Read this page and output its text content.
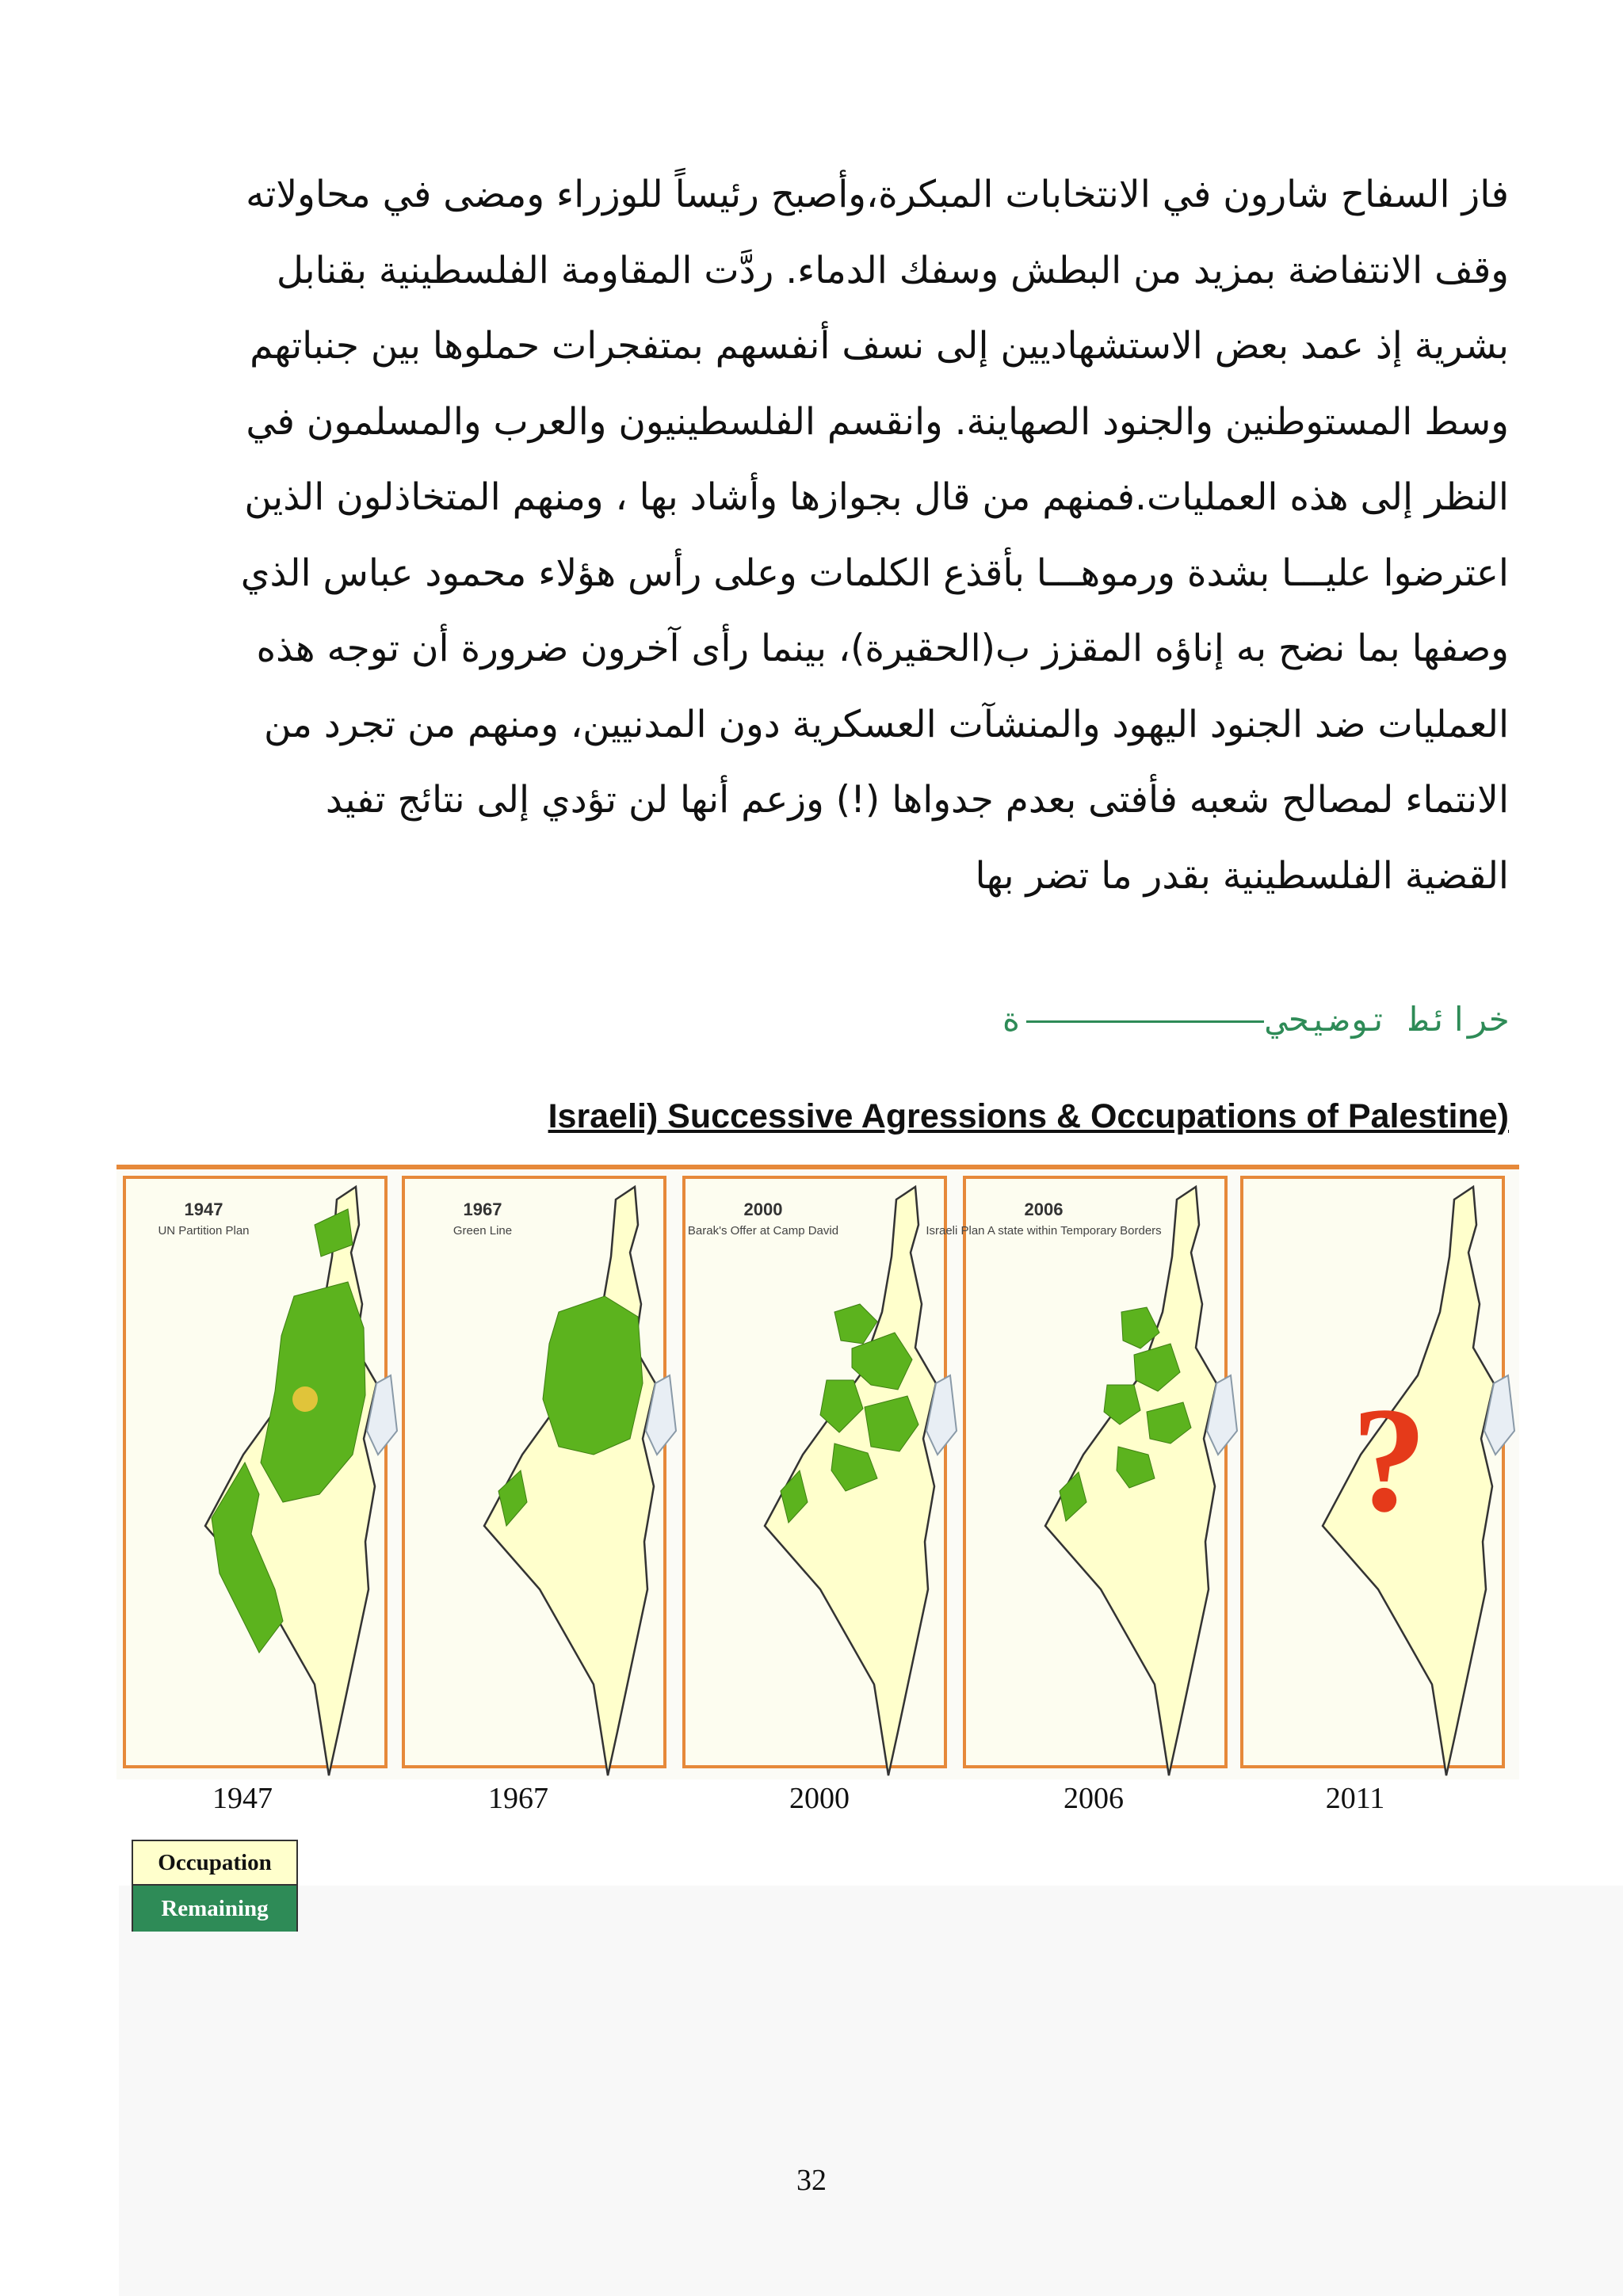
فاز السفاح شارون في الانتخابات المبكرة،وأصبح رئيساً للوزراء ومضى في محاولاته
وقف الانتفاضة بمزيد من البطش وسفك الدماء. ردَّت المقاومة الفلسطينية بقنابل
بشرية إذ عمد بعض الاستشهاديين إلى نسف أنفسهم بمتفجرات حملوها بين جنباتهم
وسط المستوطنين والجنود الصهاينة. وانقسم الفلسطينيون والعرب والمسلمون في
النظر إلى هذه العمليات.فمنهم من قال بجوازها وأشاد بها ، ومنهم المتخاذلون الذين
اعترضوا عليـــا بشدة ورموهـــا بأقذع الكلمات وعلى رأس هؤلاء محمود عباس الذي
وصفها بما نضح به إناؤه المقزز ب(الحقيرة)، بينما رأى آخرون ضرورة أن توجه هذه
العمليات ضد الجنود اليهود والمنشآت العسكرية دون المدنيين، ومنهم من تجرد من
الانتماء لمصالح شعبه فأفتى بعدم جدواها (!) وزعم أنها لن تؤدي إلى نتائج تفيد
القضية الفلسطينية بقدر ما تضر بها
خرائط توضيحية
Israeli) Successive Agressions & Occupations of Palestine)
1947
UN Partition Plan
1967
Green Line
2000
Barak's Offer at Camp David
2006
Israeli Plan A state within Temporary Borders
?
1947	1967	2000	2006	2011
Occupation
Remaining
32
